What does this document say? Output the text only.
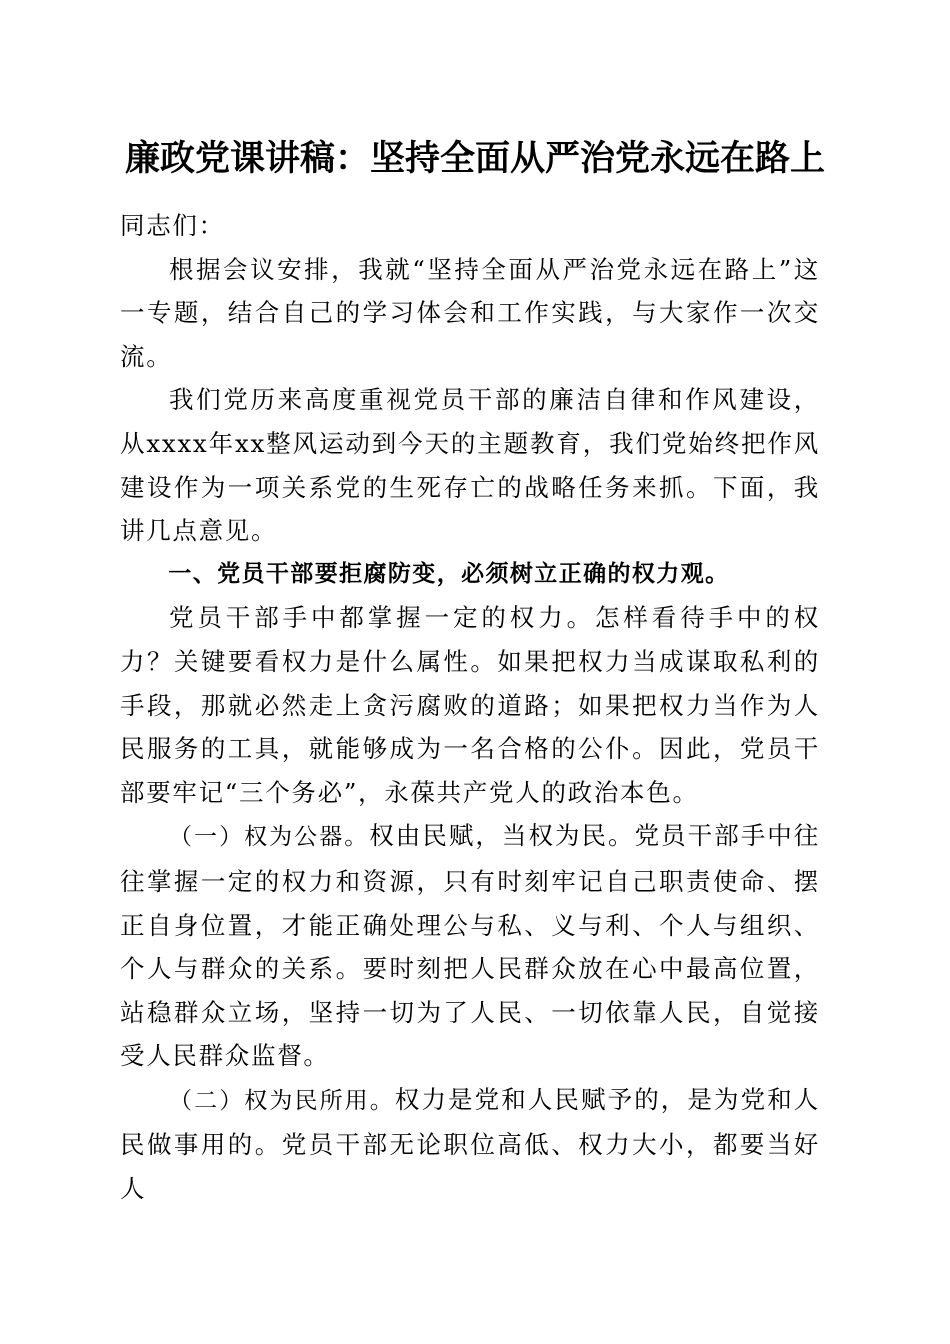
廉政党课讲稿：坚持全面从严治党永远在路上

同志们：

根据会议安排，我就“坚持全面从严治党永远在路上”这一专题，结合自己的学习体会和工作实践，与大家作一次交流。

我们党历来高度重视党员干部的廉洁自律和作风建设，从xxxx年xx整风运动到今天的主题教育，我们党始终把作风建设作为一项关系党的生死存亡的战略任务来抓。下面，我讲几点意见。

一、党员干部要拒腐防变，必须树立正确的权力观。

党员干部手中都掌握一定的权力。怎样看待手中的权力？关键要看权力是什么属性。如果把权力当成谋取私利的手段，那就必然走上贪污腐败的道路；如果把权力当作为人民服务的工具，就能够成为一名合格的公仆。因此，党员干部要牢记“三个务必”，永葆共产党人的政治本色。

（一）权为公器。权由民赋，当权为民。党员干部手中往往掌握一定的权力和资源，只有时刻牢记自己职责使命、摆正自身位置，才能正确处理公与私、义与利、个人与组织、个人与群众的关系。要时刻把人民群众放在心中最高位置，站稳群众立场，坚持一切为了人民、一切依靠人民，自觉接受人民群众监督。

（二）权为民所用。权力是党和人民赋予的，是为党和人民做事用的。党员干部无论职位高低、权力大小，都要当好人
